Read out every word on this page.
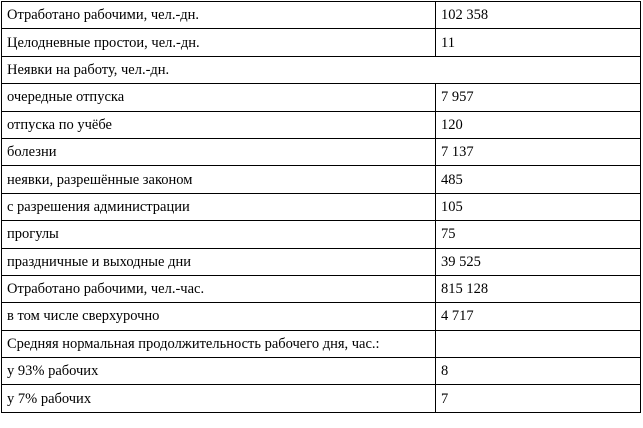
Отработано рабочими, чел.-дн.	102 358
Целодневные простои, чел.-дн.	11
Неявки на работу, чел.-дн.	
очередные отпуска	7 957
отпуска по учёбе	120
болезни	7 137
неявки, разрешённые законом	485
с разрешения администрации	105
прогулы	75
праздничные и выходные дни	39 525
Отработано рабочими, чел.-час.	815 128
в том числе сверхурочно	4 717
Средняя нормальная продолжительность рабочего дня, час.:	
у 93% рабочих	8
у 7% рабочих	7
